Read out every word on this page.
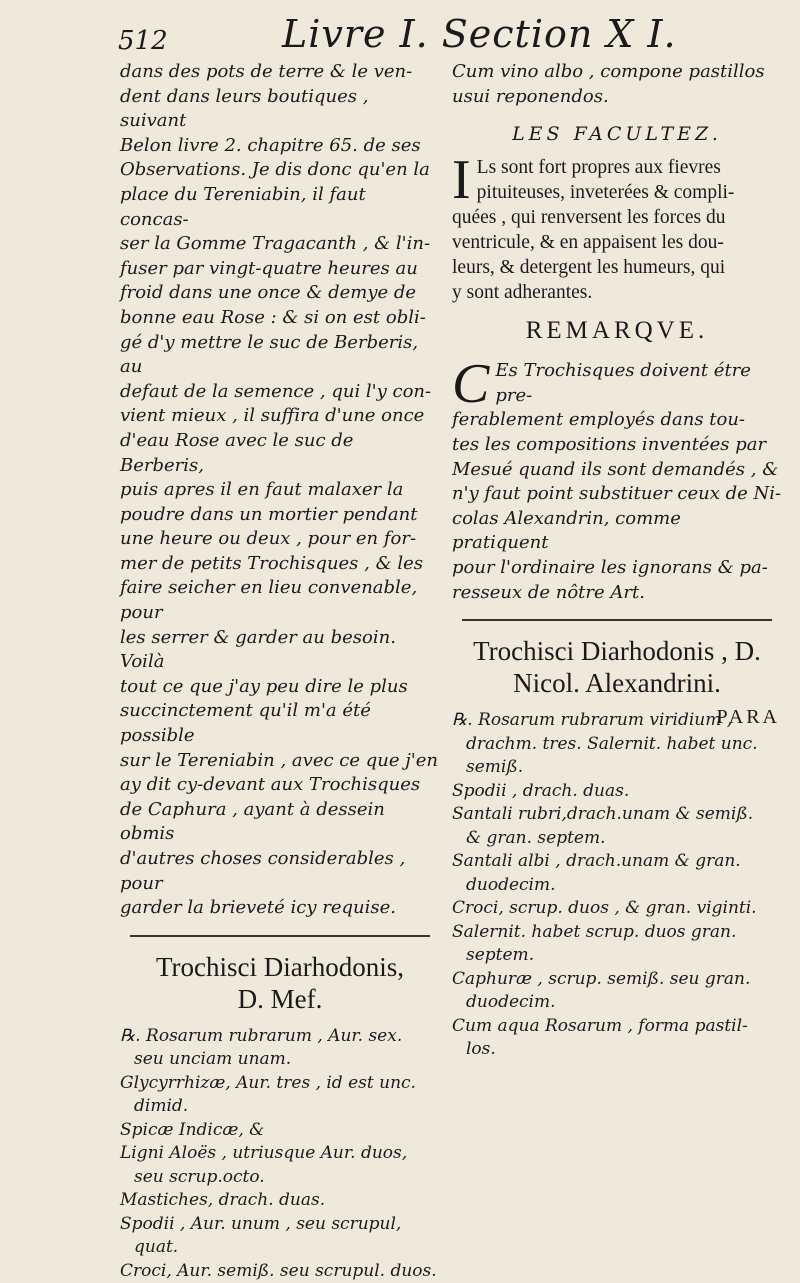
512	Livre I. Section X I.

dans des pots de terre & le ven-

dent dans leurs boutiques , suivant

Belon livre 2. chapitre 65. de ses

Observations. Je dis donc qu'en la

place du Tereniabin, il faut concas-

ser la Gomme Tragacanth , & l'in-

fuser par vingt-quatre heures au

froid dans une once & demye de

bonne eau Rose : & si on est obli-

gé d'y mettre le suc de Berberis, au

defaut de la semence , qui l'y con-

vient mieux , il suffira d'une once

d'eau Rose avec le suc de Berberis,

puis apres il en faut malaxer la

poudre dans un mortier pendant

une heure ou deux , pour en for-

mer de petits Trochisques , & les

faire seicher en lieu convenable, pour

les serrer & garder au besoin. Voilà

tout ce que j'ay peu dire le plus

succinctement qu'il m'a été possible

sur le Tereniabin , avec ce que j'en

ay dit cy-devant aux Trochisques

de Caphura , ayant à dessein obmis

d'autres choses considerables , pour

garder la brieveté icy requise.

Trochisci Diarhodonis,
D. Mef.
℞. Rosarum rubrarum , Aur. sex.
seu unciam unam.
Glycyrrhizæ, Aur. tres , id est unc.
dimid.
Spicæ Indicæ, &
Ligni Aloës , utriusque Aur. duos,
seu scrup.octo.
Mastiches, drach. duas.
Spodii , Aur. unum , seu scrupul,
quat.
Croci, Aur. semiß. seu scrupul. duos.

Cum vino albo , compone pastillos

usui reponendos.

LES FACULTEZ.
I Ls sont fort propres aux fievres

pituiteuses, inveterées & compli-

quées , qui renversent les forces du

ventricule, & en appaisent les dou-

leurs, & detergent les humeurs, qui

y sont adherantes.

REMARQVE.
C Es Trochisques doivent étre pre-

ferablement employés dans tou-

tes les compositions inventées par

Mesué quand ils sont demandés , &

n'y faut point substituer ceux de Ni-

colas Alexandrin, comme pratiquent

pour l'ordinaire les ignorans & pa-

resseux de nôtre Art.

Trochisci Diarhodonis , D.
Nicol. Alexandrini.
℞. Rosarum rubrarum viridium ,
drachm. tres. Salernit. habet unc.
semiß.
Spodii , drach. duas.
Santali rubri,drach.unam & semiß.
& gran. septem.
Santali albi , drach.unam & gran.
duodecim.
Croci, scrup. duos , & gran. viginti.
Salernit. habet scrup. duos gran.
septem.
Caphuræ , scrup. semiß. seu gran.
duodecim.
Cum aqua Rosarum , forma pastil-
los.
PARA
